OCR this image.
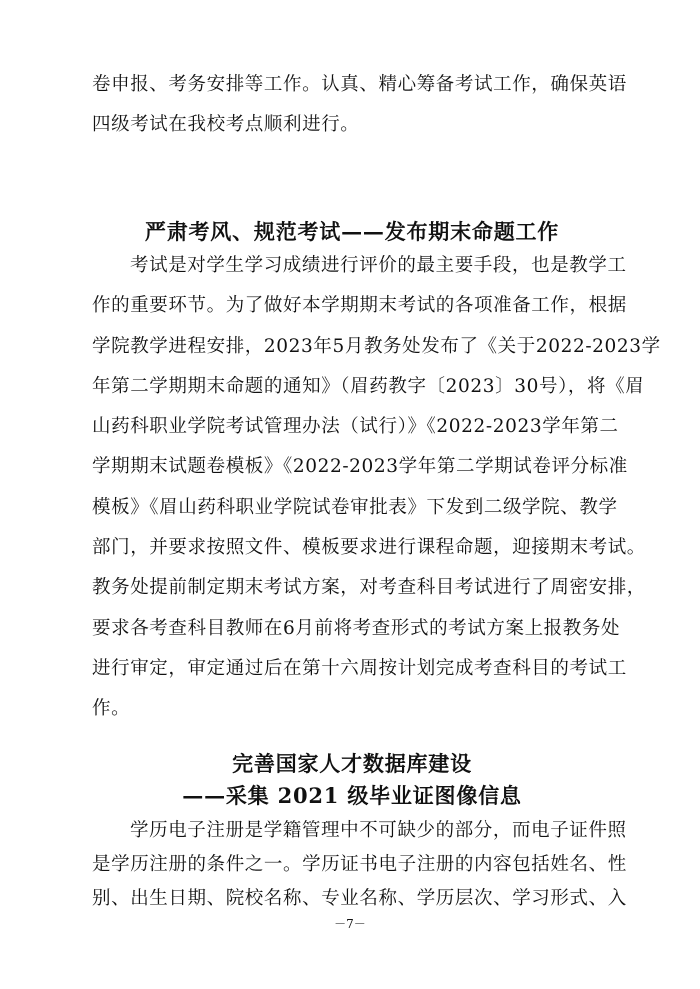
卷申报、考务安排等工作。认真、精心筹备考试工作，确保英语
四级考试在我校考点顺利进行。
严肃考风、规范考试——发布期末命题工作
考试是对学生学习成绩进行评价的最主要手段，也是教学工
作的重要环节。为了做好本学期期末考试的各项准备工作，根据
学院教学进程安排，2023年5月教务处发布了《关于2022-2023学
年第二学期期末命题的通知》（眉药教字〔2023〕30号），将《眉
山药科职业学院考试管理办法（试行）》《2022-2023学年第二
学期期末试题卷模板》《2022-2023学年第二学期试卷评分标准
模板》《眉山药科职业学院试卷审批表》下发到二级学院、教学
部门，并要求按照文件、模板要求进行课程命题，迎接期末考试。
教务处提前制定期末考试方案，对考查科目考试进行了周密安排，
要求各考查科目教师在6月前将考查形式的考试方案上报教务处
进行审定，审定通过后在第十六周按计划完成考查科目的考试工
作。
完善国家人才数据库建设
——采集 2021 级毕业证图像信息
学历电子注册是学籍管理中不可缺少的部分，而电子证件照
是学历注册的条件之一。学历证书电子注册的内容包括姓名、性
别、出生日期、院校名称、专业名称、学历层次、学习形式、入
－7－
